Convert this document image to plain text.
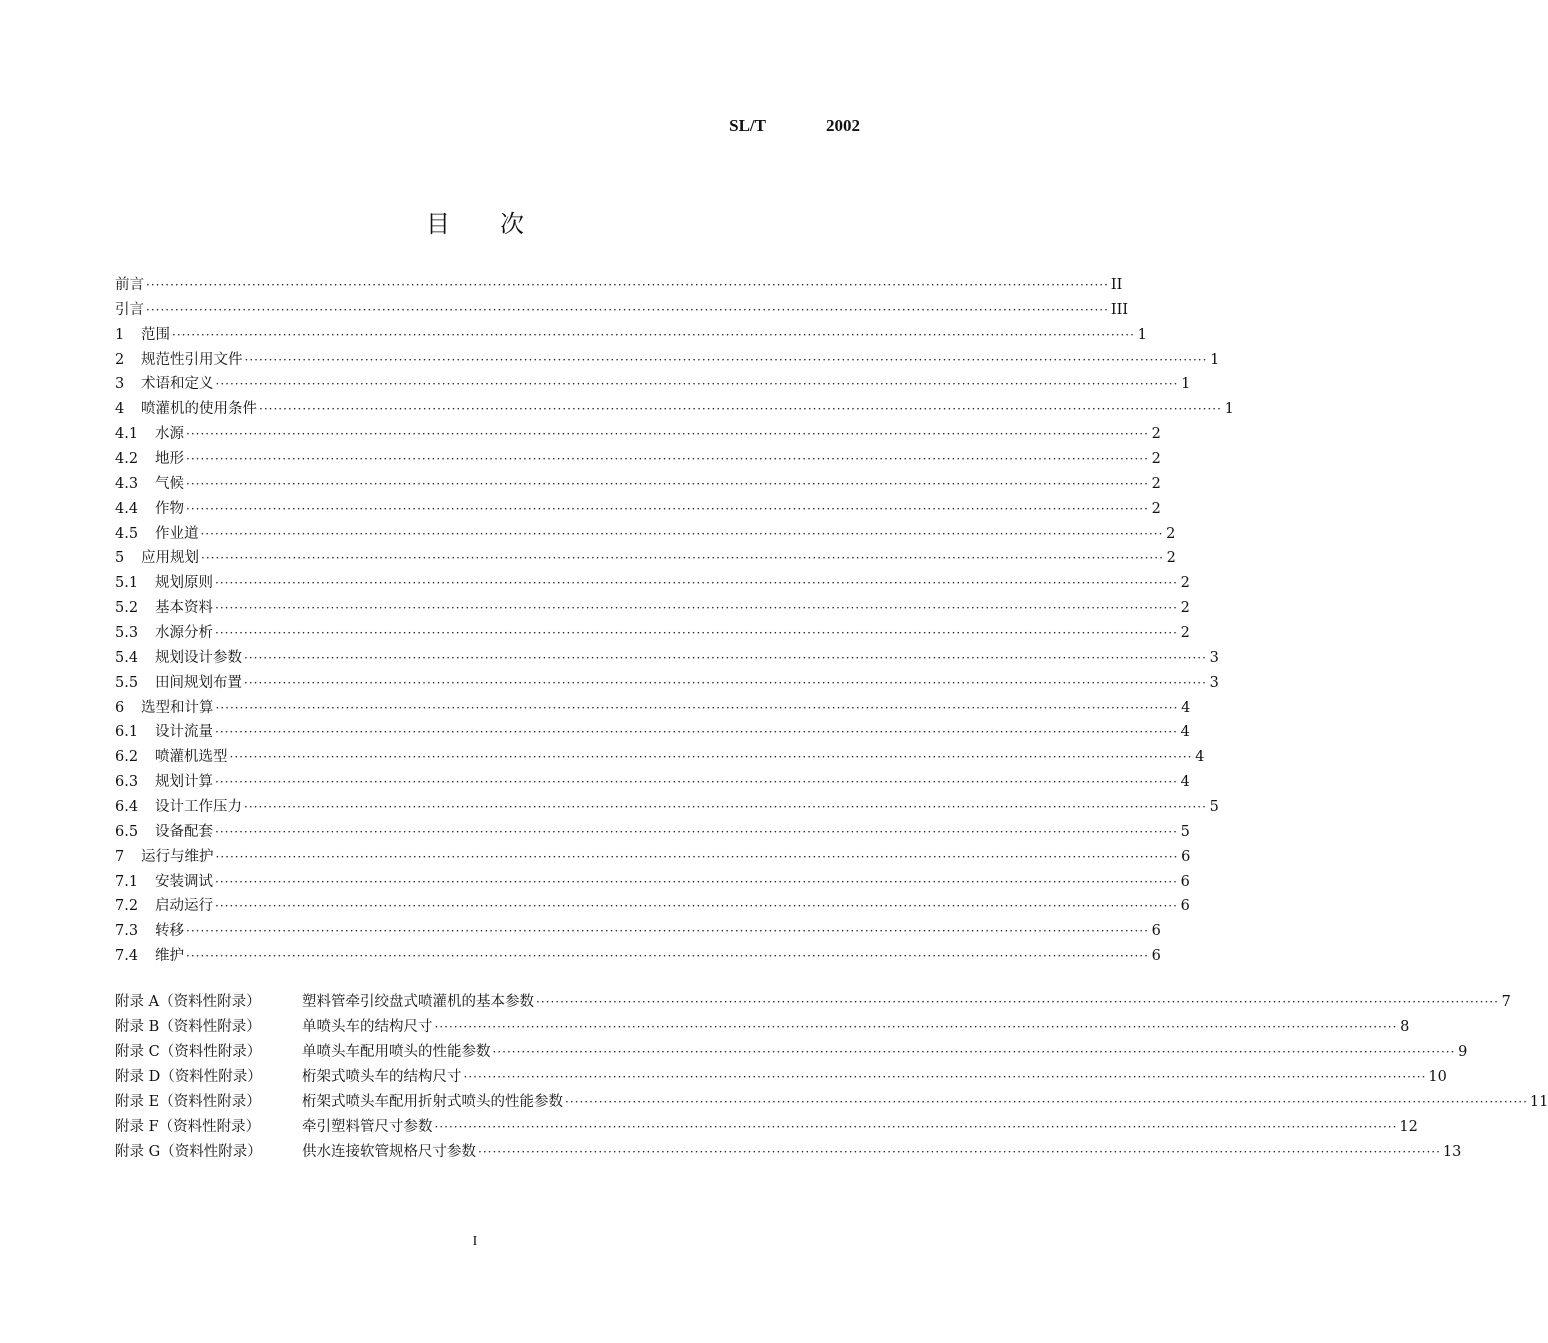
SL/T	2002
目次
前言 ········································································································································································································ II
引言 ········································································································································································································ III
1	范围 ········································································································································································································ 1
2	规范性引用文件 ········································································································································································································ 1
3	术语和定义 ········································································································································································································ 1
4	喷灌机的使用条件 ········································································································································································································ 1
4.1	水源 ········································································································································································································ 2
4.2	地形 ········································································································································································································ 2
4.3	气候 ········································································································································································································ 2
4.4	作物 ········································································································································································································ 2
4.5	作业道 ········································································································································································································ 2
5	应用规划 ········································································································································································································ 2
5.1	规划原则 ········································································································································································································ 2
5.2	基本资料 ········································································································································································································ 2
5.3	水源分析 ········································································································································································································ 2
5.4	规划设计参数 ········································································································································································································ 3
5.5	田间规划布置 ········································································································································································································ 3
6	选型和计算 ········································································································································································································ 4
6.1	设计流量 ········································································································································································································ 4
6.2	喷灌机选型 ········································································································································································································ 4
6.3	规划计算 ········································································································································································································ 4
6.4	设计工作压力 ········································································································································································································ 5
6.5	设备配套 ········································································································································································································ 5
7	运行与维护 ········································································································································································································ 6
7.1	安装调试 ········································································································································································································ 6
7.2	启动运行 ········································································································································································································ 6
7.3	转移 ········································································································································································································ 6
7.4	维护 ········································································································································································································ 6
附录 A（资料性附录）	塑料管牵引绞盘式喷灌机的基本参数 ········································································································································································································ 7
附录 B（资料性附录）	单喷头车的结构尺寸 ········································································································································································································ 8
附录 C（资料性附录）	单喷头车配用喷头的性能参数 ········································································································································································································ 9
附录 D（资料性附录）	桁架式喷头车的结构尺寸 ········································································································································································································ 10
附录 E（资料性附录）	桁架式喷头车配用折射式喷头的性能参数 ········································································································································································································ 11
附录 F（资料性附录）	牵引塑料管尺寸参数 ········································································································································································································ 12
附录 G（资料性附录）	供水连接软管规格尺寸参数 ········································································································································································································ 13
I
